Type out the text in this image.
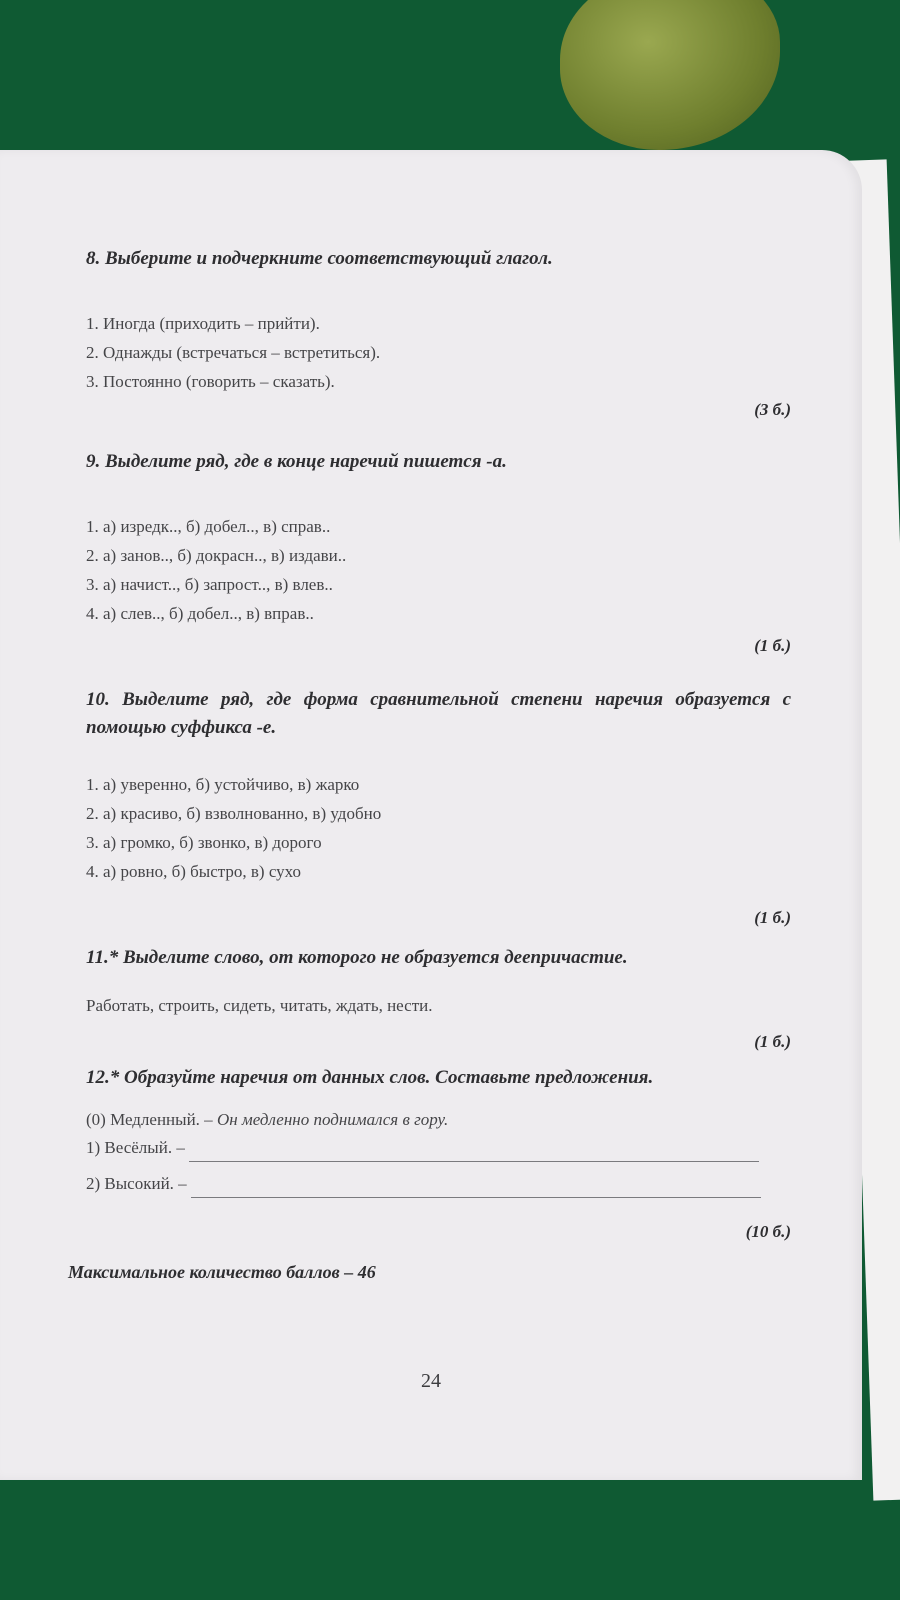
8. Выберите и подчеркните соответствующий глагол.

1. Иногда (приходить – прийти).
2. Однажды (встречаться – встретиться).
3. Постоянно (говорить – сказать).
(3 б.)

9. Выделите ряд, где в конце наречий пишется -а.

1. а) изредк.., б) добел.., в) справ..
2. а) занов.., б) докрасн.., в) издави..
3. а) начист.., б) запрост.., в) влев..
4. а) слев.., б) добел.., в) вправ..
(1 б.)

10. Выделите ряд, где форма сравнительной степени наречия образуется с помощью суффикса -е.

1. а) уверенно, б) устойчиво, в) жарко
2. а) красиво, б) взволнованно, в) удобно
3. а) громко, б) звонко, в) дорого
4. а) ровно, б) быстро, в) сухо
(1 б.)

11.* Выделите слово, от которого не образуется деепричастие.

Работать, строить, сидеть, читать, ждать, нести.

(1 б.)

12.* Образуйте наречия от данных слов. Составьте предложения.

(0) Медленный. – Он медленно поднимался в гору.

1) Весёлый. –

2) Высокий. –

(10 б.)
Максимальное количество баллов – 46
24
